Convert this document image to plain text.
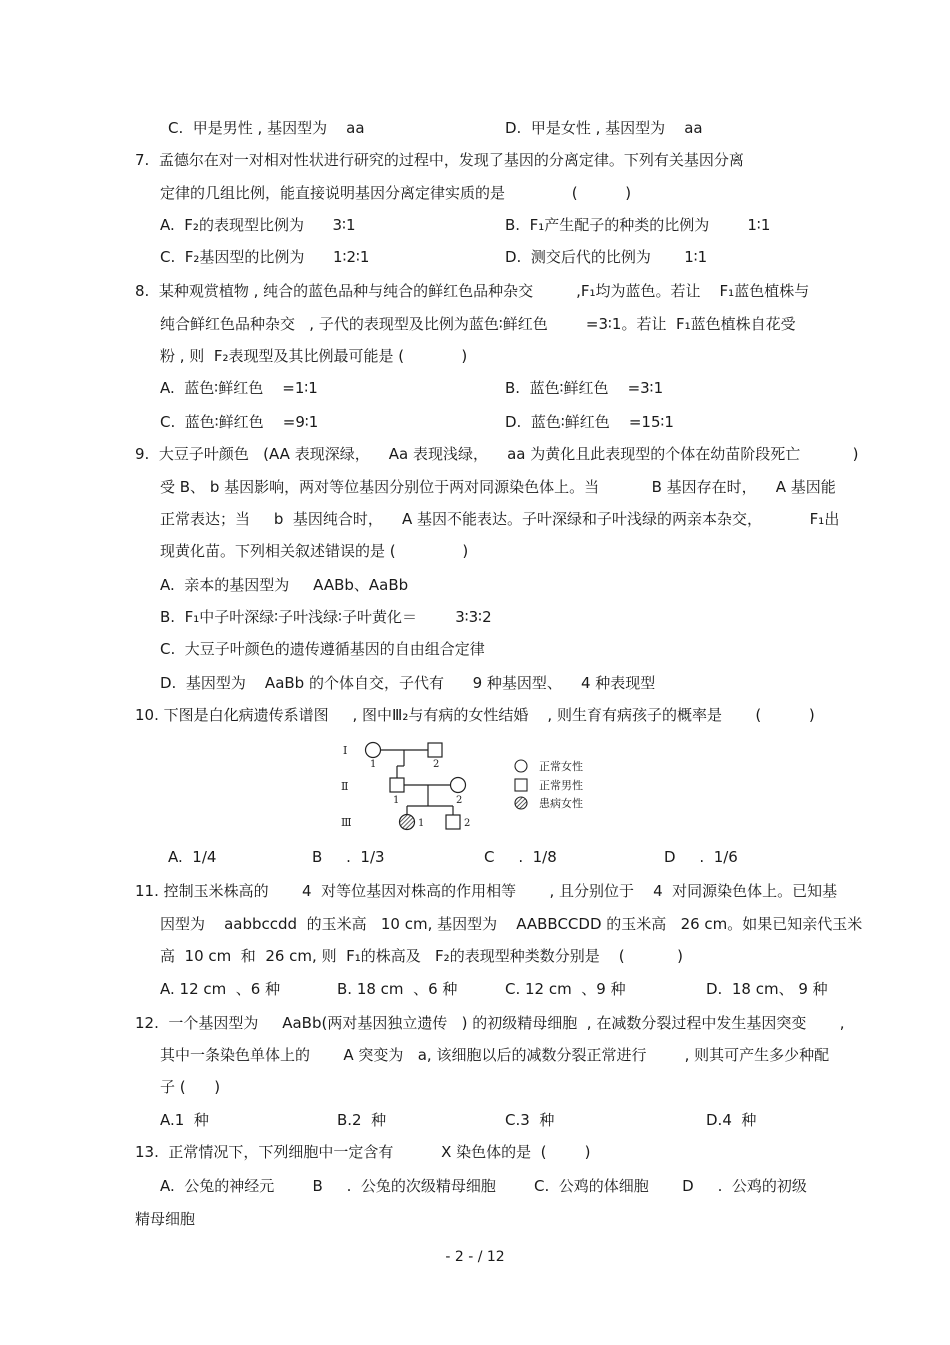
C.  甲是男性 , 基因型为    aa	D.  甲是女性 , 基因型为    aa
7.  孟德尔在对一对相对性状进行研究的过程中，发现了基因的分离定律。下列有关基因分离
定律的几组比例，能直接说明基因分离定律实质的是              (          )
A.  F₂的表现型比例为      3∶1	B.  F₁产生配子的种类的比例为        1∶1
C.  F₂基因型的比例为      1∶2∶1	D.  测交后代的比例为       1∶1
8.  某种观赏植物 , 纯合的蓝色品种与纯合的鲜红色品种杂交         ,F₁均为蓝色。若让    F₁蓝色植株与
纯合鲜红色品种杂交   , 子代的表现型及比例为蓝色∶鲜红色        =3∶1。若让  F₁蓝色植株自花受
粉 , 则  F₂表现型及其比例最可能是 (            )
A.  蓝色∶鲜红色    =1∶1	B.  蓝色∶鲜红色    =3∶1
C.  蓝色∶鲜红色    =9∶1	D.  蓝色∶鲜红色    =15∶1
9.  大豆子叶颜色   (AA 表现深绿，    Aa 表现浅绿，    aa 为黄化且此表现型的个体在幼苗阶段死亡           )
受 B、 b 基因影响，两对等位基因分别位于两对同源染色体上。当           B 基因存在时，    A 基因能
正常表达；当     b  基因纯合时，    A 基因不能表达。子叶深绿和子叶浅绿的两亲本杂交，          F₁出
现黄化苗。下列相关叙述错误的是 (              )
A.  亲本的基因型为     AABb、AaBb
B.  F₁中子叶深绿∶子叶浅绿∶子叶黄化＝        3∶3∶2
C.  大豆子叶颜色的遗传遵循基因的自由组合定律
D.  基因型为    AaBb 的个体自交，子代有      9 种基因型、    4 种表现型
10. 下图是白化病遗传系谱图     , 图中Ⅲ₂与有病的女性结婚    , 则生育有病孩子的概率是       (          )
Ⅰ
Ⅱ
Ⅲ
1	2
1	2
1	2
正常女性
正常男性
患病女性
A.  1/4	B     .  1/3	C     .  1/8	D     .  1/6
11. 控制玉米株高的       4  对等位基因对株高的作用相等       , 且分别位于    4  对同源染色体上。已知基
因型为    aabbccdd  的玉米高   10 cm, 基因型为    AABBCCDD 的玉米高   26 cm。如果已知亲代玉米
高  10 cm  和  26 cm, 则  F₁的株高及   F₂的表现型种类数分别是    (           )
A. 12 cm  、6 种	B. 18 cm  、6 种	C. 12 cm  、9 种	D.  18 cm、 9 种
12.  一个基因型为     AaBb(两对基因独立遗传   ) 的初级精母细胞  , 在减数分裂过程中发生基因突变       ,
其中一条染色单体上的       A 突变为   a, 该细胞以后的减数分裂正常进行        , 则其可产生多少种配
子 (      )
A.1  种	B.2  种	C.3  种	D.4  种
13.  正常情况下，下列细胞中一定含有          X 染色体的是  (        )
A.  公兔的神经元        B     .  公兔的次级精母细胞        C.  公鸡的体细胞       D     .  公鸡的初级
精母细胞
- 2 - / 12
